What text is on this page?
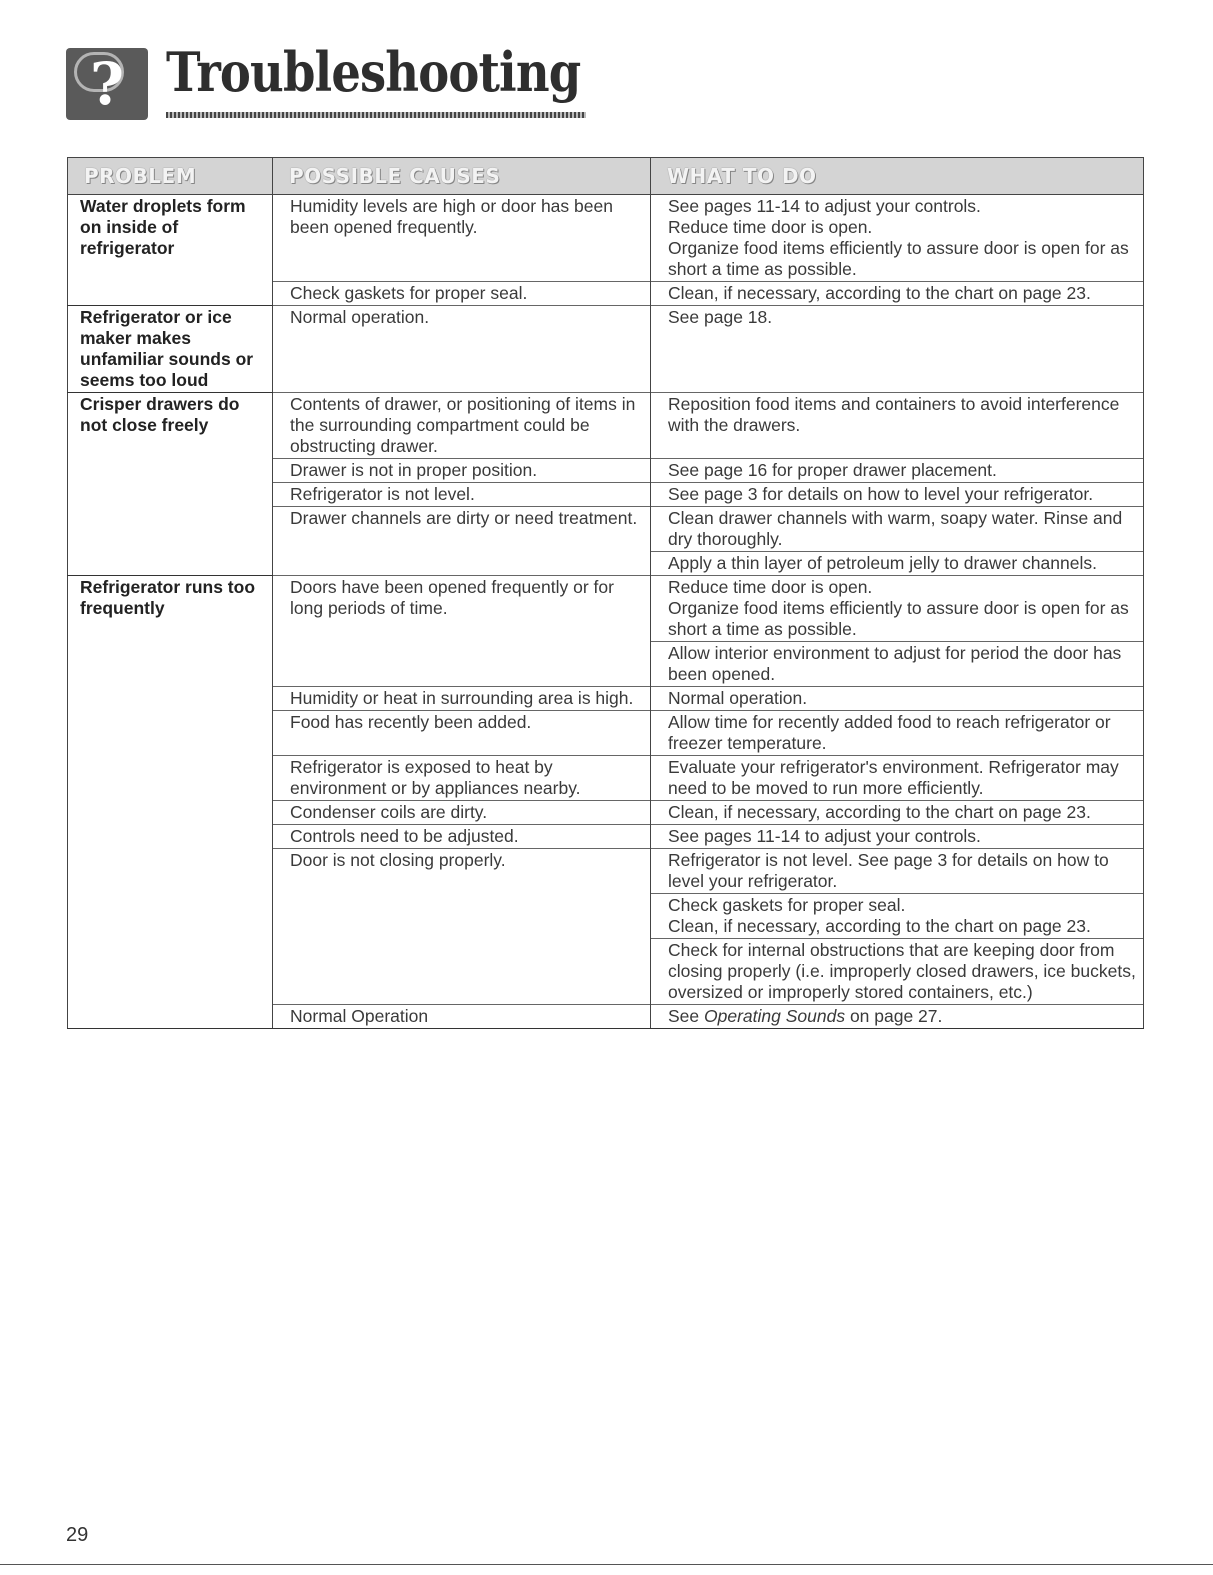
? Troubleshooting
PROBLEM	POSSIBLE CAUSES	WHAT TO DO
Water droplets form on inside of refrigerator	Humidity levels are high or door has been been opened frequently.	See pages 11-14 to adjust your controls.
Reduce time door is open.
Organize food items efficiently to assure door is open for as short a time as possible.
	Check gaskets for proper seal.	Clean, if necessary, according to the chart on page 23.

Refrigerator or ice maker makes unfamiliar sounds or seems too loud	Normal operation.	See page 18.

Crisper drawers do not close freely	Contents of drawer, or positioning of items in the surrounding compartment could be obstructing drawer.	Reposition food items and containers to avoid interference with the drawers.
	Drawer is not in proper position.	See page 16 for proper drawer placement.
	Refrigerator is not level.	See page 3 for details on how to level your refrigerator.
	Drawer channels are dirty or need treatment.	Clean drawer channels with warm, soapy water. Rinse and dry thoroughly.
		Apply a thin layer of petroleum jelly to drawer channels.

Refrigerator runs too frequently	Doors have been opened frequently or for long periods of time.	Reduce time door is open.
Organize food items efficiently to assure door is open for as short a time as possible.
		Allow interior environment to adjust for period the door has been opened.
	Humidity or heat in surrounding area is high.	Normal operation.
	Food has recently been added.	Allow time for recently added food to reach refrigerator or freezer temperature.
	Refrigerator is exposed to heat by environment or by appliances nearby.	Evaluate your refrigerator's environment. Refrigerator may need to be moved to run more efficiently.
	Condenser coils are dirty.	Clean, if necessary, according to the chart on page 23.
	Controls need to be adjusted.	See pages 11-14 to adjust your controls.
	Door is not closing properly.	Refrigerator is not level. See page 3 for details on how to level your refrigerator.
		Check gaskets for proper seal.
Clean, if necessary, according to the chart on page 23.
		Check for internal obstructions that are keeping door from closing properly (i.e. improperly closed drawers, ice buckets, oversized or improperly stored containers, etc.)
	Normal Operation	See Operating Sounds on page 27.
29
